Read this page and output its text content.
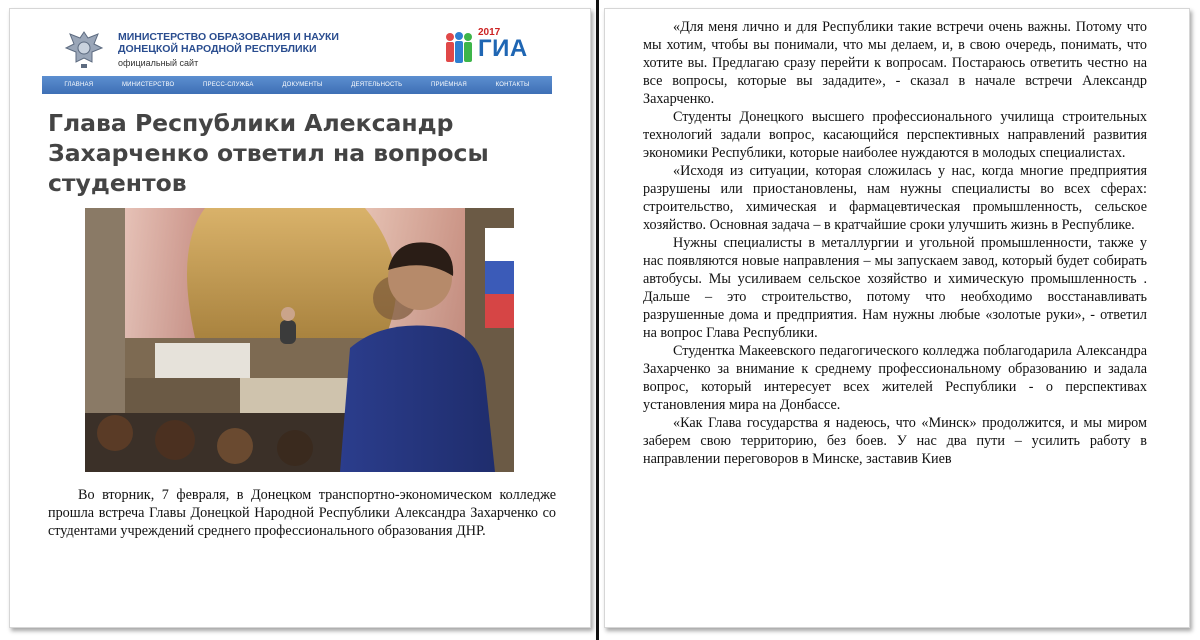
МИНИСТЕРСТВО ОБРАЗОВАНИЯ И НАУКИ ДОНЕЦКОЙ НАРОДНОЙ РЕСПУБЛИКИ
официальный сайт
2017
ГИА
ГЛАВНАЯ	МИНИСТЕРСТВО	ПРЕСС-СЛУЖБА	ДОКУМЕНТЫ	ДЕЯТЕЛЬНОСТЬ	ПРИЁМНАЯ	КОНТАКТЫ
Глава Республики Александр Захарченко ответил на вопросы студентов

Во вторник, 7 февраля, в Донецком транспортно-экономическом колледже прошла встреча Главы Донецкой Народной Республики Александра Захарченко со студентами учреждений среднего профессионального образования ДНР.

«Для меня лично и для Республики такие встречи очень важны. Потому что мы хотим, чтобы вы понимали, что мы делаем, и, в свою очередь, понимать, что хотите вы. Предлагаю сразу перейти к вопросам. Постараюсь ответить честно на все вопросы, которые вы зададите», - сказал в начале встречи Александр Захарченко.

Студенты Донецкого высшего профессионального училища строительных технологий задали вопрос, касающийся перспективных направлений развития экономики Республики, которые наиболее нуждаются в молодых специалистах.

«Исходя из ситуации, которая сложилась у нас, когда многие предприятия разрушены или приостановлены, нам нужны специалисты во всех сферах: строительство, химическая и фармацевтическая промышленность, сельское хозяйство. Основная задача – в кратчайшие сроки улучшить жизнь в Республике.

Нужны специалисты в металлургии и угольной промышленности, также у нас появляются новые направления – мы запускаем завод, который будет собирать автобусы. Мы усиливаем сельское хозяйство и химическую промышленность . Дальше – это строительство, потому что необходимо восстанавливать разрушенные дома и предприятия. Нам нужны любые «золотые руки», - ответил на вопрос Глава Республики.

Студентка Макеевского педагогического колледжа поблагодарила Александра Захарченко за внимание к среднему профессиональному образованию и задала вопрос, который интересует всех жителей Республики - о перспективах установления мира на Донбассе.

«Как Глава государства я надеюсь, что «Минск» продолжится, и мы миром заберем свою территорию, без боев. У нас два пути – усилить работу в направлении переговоров в Минске, заставив Киев
